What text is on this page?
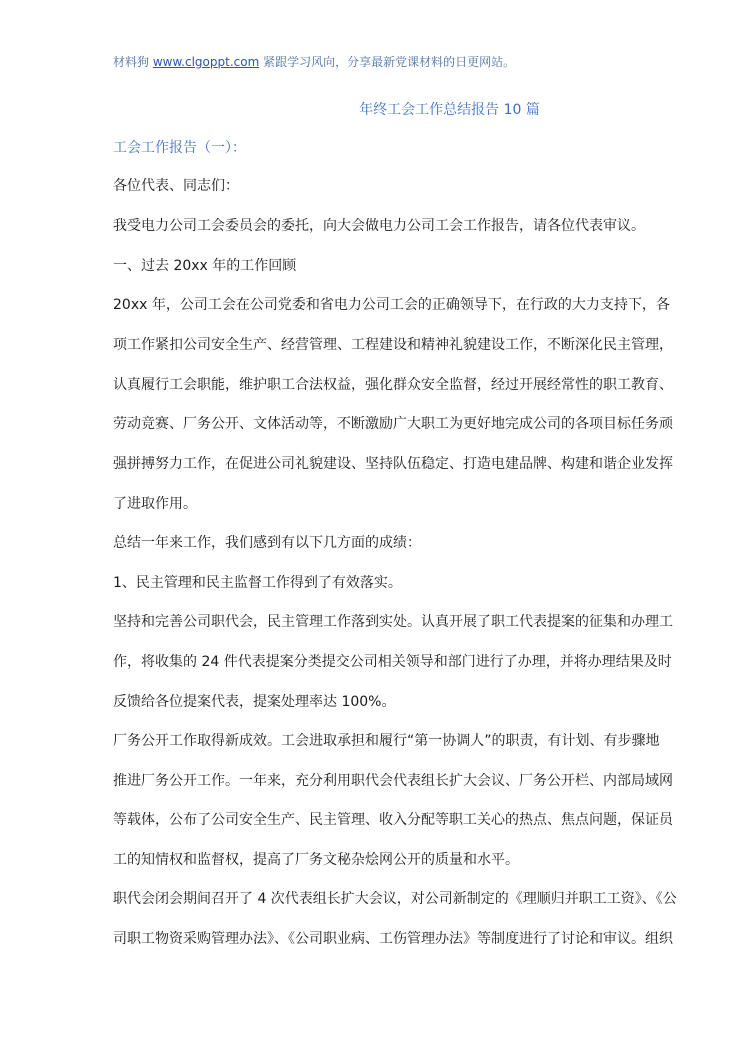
材料狗 www.clgoppt.com 紧跟学习风向，分享最新党课材料的日更网站。
年终工会工作总结报告 10 篇
工会工作报告（一）：
各位代表、同志们：
我受电力公司工会委员会的委托，向大会做电力公司工会工作报告，请各位代表审议。
一、过去 20xx 年的工作回顾
20xx 年，公司工会在公司党委和省电力公司工会的正确领导下，在行政的大力支持下，各
项工作紧扣公司安全生产、经营管理、工程建设和精神礼貌建设工作，不断深化民主管理，
认真履行工会职能，维护职工合法权益，强化群众安全监督，经过开展经常性的职工教育、
劳动竞赛、厂务公开、文体活动等，不断激励广大职工为更好地完成公司的各项目标任务顽
强拼搏努力工作，在促进公司礼貌建设、坚持队伍稳定、打造电建品牌、构建和谐企业发挥
了进取作用。
总结一年来工作，我们感到有以下几方面的成绩：
1、民主管理和民主监督工作得到了有效落实。
坚持和完善公司职代会，民主管理工作落到实处。认真开展了职工代表提案的征集和办理工
作，将收集的 24 件代表提案分类提交公司相关领导和部门进行了办理，并将办理结果及时
反馈给各位提案代表，提案处理率达 100%。
厂务公开工作取得新成效。工会进取承担和履行“第一协调人”的职责，有计划、有步骤地
推进厂务公开工作。一年来，充分利用职代会代表组长扩大会议、厂务公开栏、内部局域网
等载体，公布了公司安全生产、民主管理、收入分配等职工关心的热点、焦点问题，保证员
工的知情权和监督权，提高了厂务文秘杂烩网公开的质量和水平。
职代会闭会期间召开了 4 次代表组长扩大会议，对公司新制定的《理顺归并职工工资》、《公
司职工物资采购管理办法》、《公司职业病、工伤管理办法》等制度进行了讨论和审议。组织
